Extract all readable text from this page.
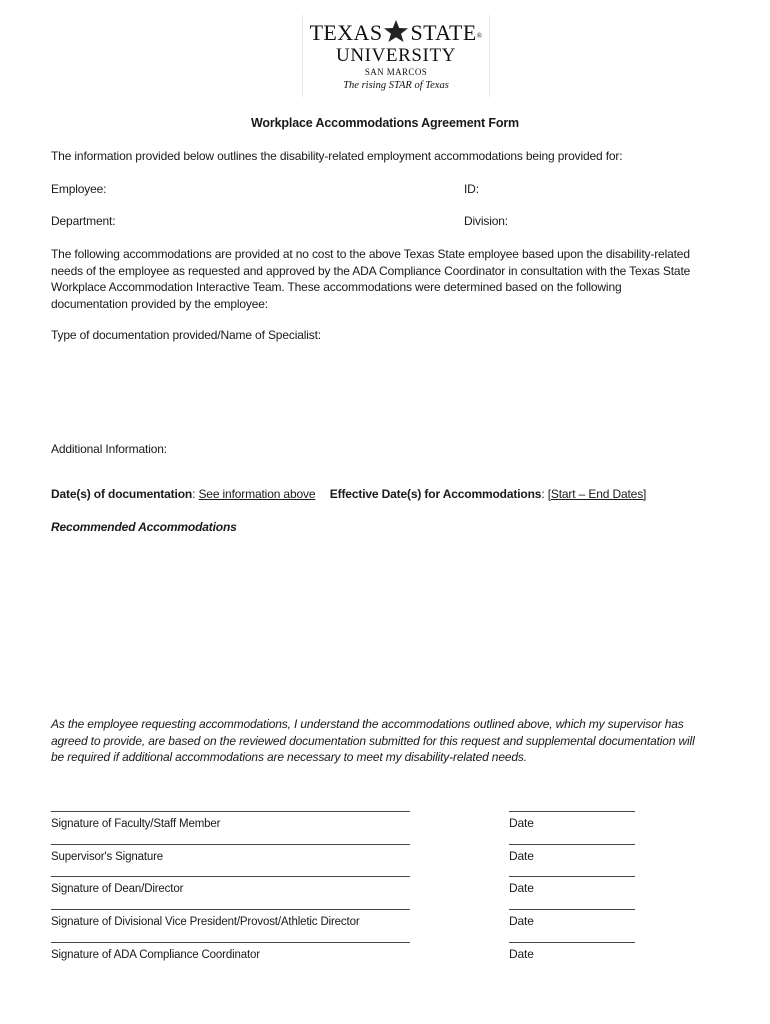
TEXAS STATE®
UNIVERSITY
SAN MARCOS
The rising STAR of Texas
Workplace Accommodations Agreement Form
The information provided below outlines the disability-related employment accommodations being provided for:
Employee:	ID:
Department:	Division:
The following accommodations are provided at no cost to the above Texas State employee based upon the disability-related needs of the employee as requested and approved by the ADA Compliance Coordinator in consultation with the Texas State Workplace Accommodation Interactive Team. These accommodations were determined based on the following documentation provided by the employee:
Type of documentation provided/Name of Specialist:
Additional Information:
Date(s) of documentation: See information above Effective Date(s) for Accommodations: [Start – End Dates]
Recommended Accommodations
As the employee requesting accommodations, I understand the accommodations outlined above, which my supervisor has agreed to provide, are based on the reviewed documentation submitted for this request and supplemental documentation will be required if additional accommodations are necessary to meet my disability-related needs.
Signature of Faculty/Staff Member	Date
Supervisor's Signature	Date
Signature of Dean/Director	Date
Signature of Divisional Vice President/Provost/Athletic Director	Date
Signature of ADA Compliance Coordinator	Date
